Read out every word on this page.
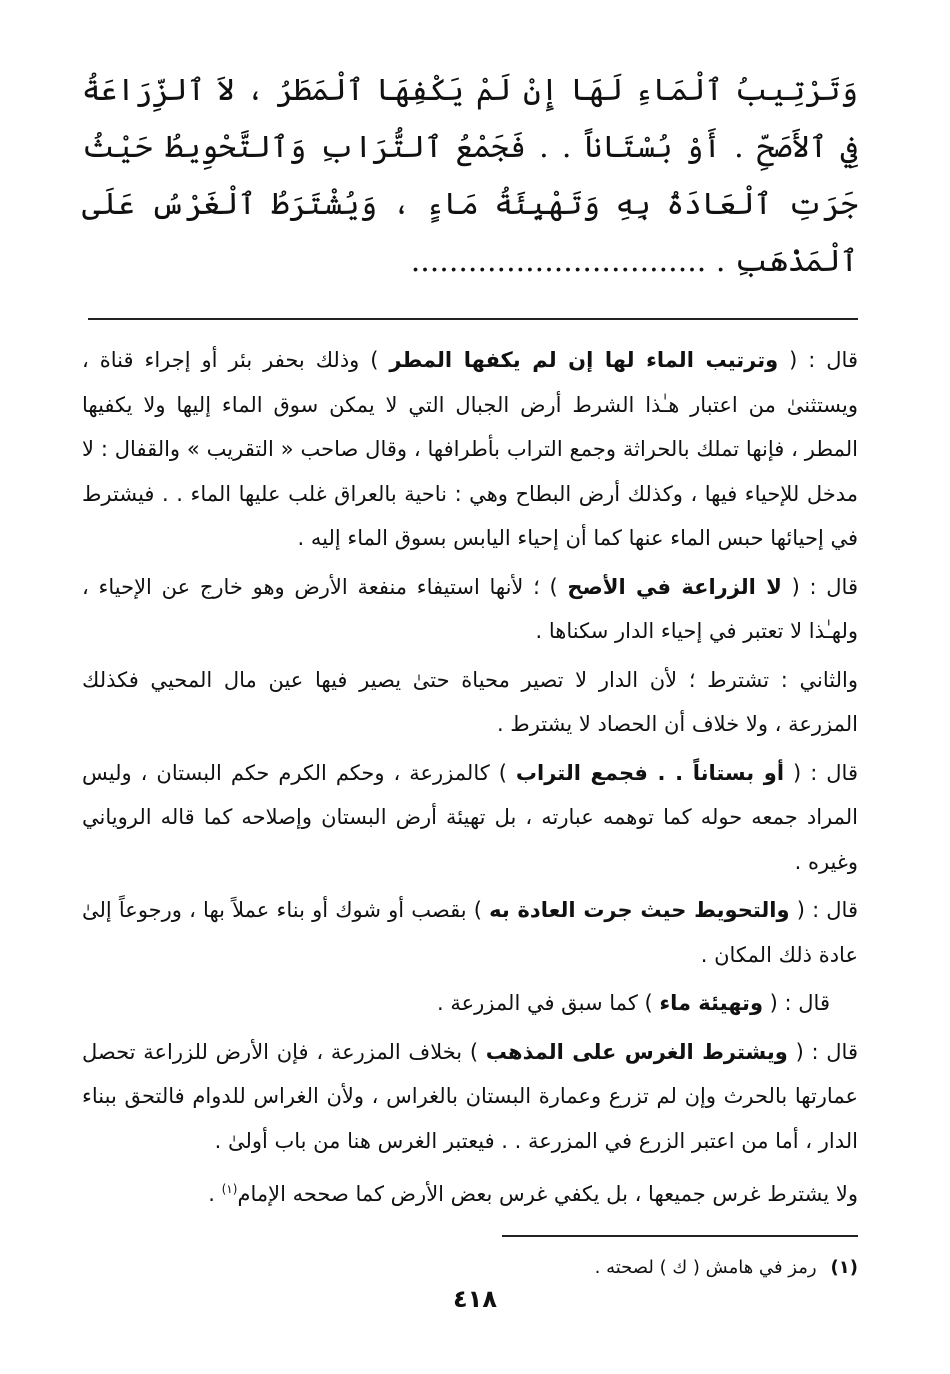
وَتَرْتِيبُ ٱلْمَاءِ لَهَا إِنْ لَمْ يَكْفِهَا ٱلْمَطَرُ ، لاَ ٱلزِّرَاعَةُ فِي ٱلأَصَحِّ . أَوْ بُسْتَاناً . . فَجَمْعُ ٱلتُّرَابِ وَٱلتَّحْوِيطُ حَيْثُ جَرَتِ ٱلْعَادَةُ بِهِ وَتَهْيِئَةُ مَاءٍ ، وَيُشْتَرَطُ ٱلْغَرْسُ عَلَى ٱلْمَذْهَبِ . ...............................

قال : ( وترتيب الماء لها إن لم يكفها المطر ) وذلك بحفر بئر أو إجراء قناة ، ويستثنىٰ من اعتبار هـٰذا الشرط أرض الجبال التي لا يمكن سوق الماء إليها ولا يكفيها المطر ، فإنها تملك بالحراثة وجمع التراب بأطرافها ، وقال صاحب « التقريب » والقفال : لا مدخل للإحياء فيها ، وكذلك أرض البطاح وهي : ناحية بالعراق غلب عليها الماء . . فيشترط في إحيائها حبس الماء عنها كما أن إحياء اليابس بسوق الماء إليه .

قال : ( لا الزراعة في الأصح ) ؛ لأنها استيفاء منفعة الأرض وهو خارج عن الإحياء ، ولهـٰذا لا تعتبر في إحياء الدار سكناها .

والثاني : تشترط ؛ لأن الدار لا تصير محياة حتىٰ يصير فيها عين مال المحيي فكذلك المزرعة ، ولا خلاف أن الحصاد لا يشترط .

قال : ( أو بستاناً . . فجمع التراب ) كالمزرعة ، وحكم الكرم حكم البستان ، وليس المراد جمعه حوله كما توهمه عبارته ، بل تهيئة أرض البستان وإصلاحه كما قاله الروياني وغيره .

قال : ( والتحويط حيث جرت العادة به ) بقصب أو شوك أو بناء عملاً بها ، ورجوعاً إلىٰ عادة ذلك المكان .

قال : ( وتهيئة ماء ) كما سبق في المزرعة .

قال : ( ويشترط الغرس على المذهب ) بخلاف المزرعة ، فإن الأرض للزراعة تحصل عمارتها بالحرث وإن لم تزرع وعمارة البستان بالغراس ، ولأن الغراس للدوام فالتحق ببناء الدار ، أما من اعتبر الزرع في المزرعة . . فيعتبر الغرس هنا من باب أولىٰ .

ولا يشترط غرس جميعها ، بل يكفي غرس بعض الأرض كما صححه الإمام$^{(١)}$ .

(١)رمز في هامش ( ك ) لصحته .

٤١٨
